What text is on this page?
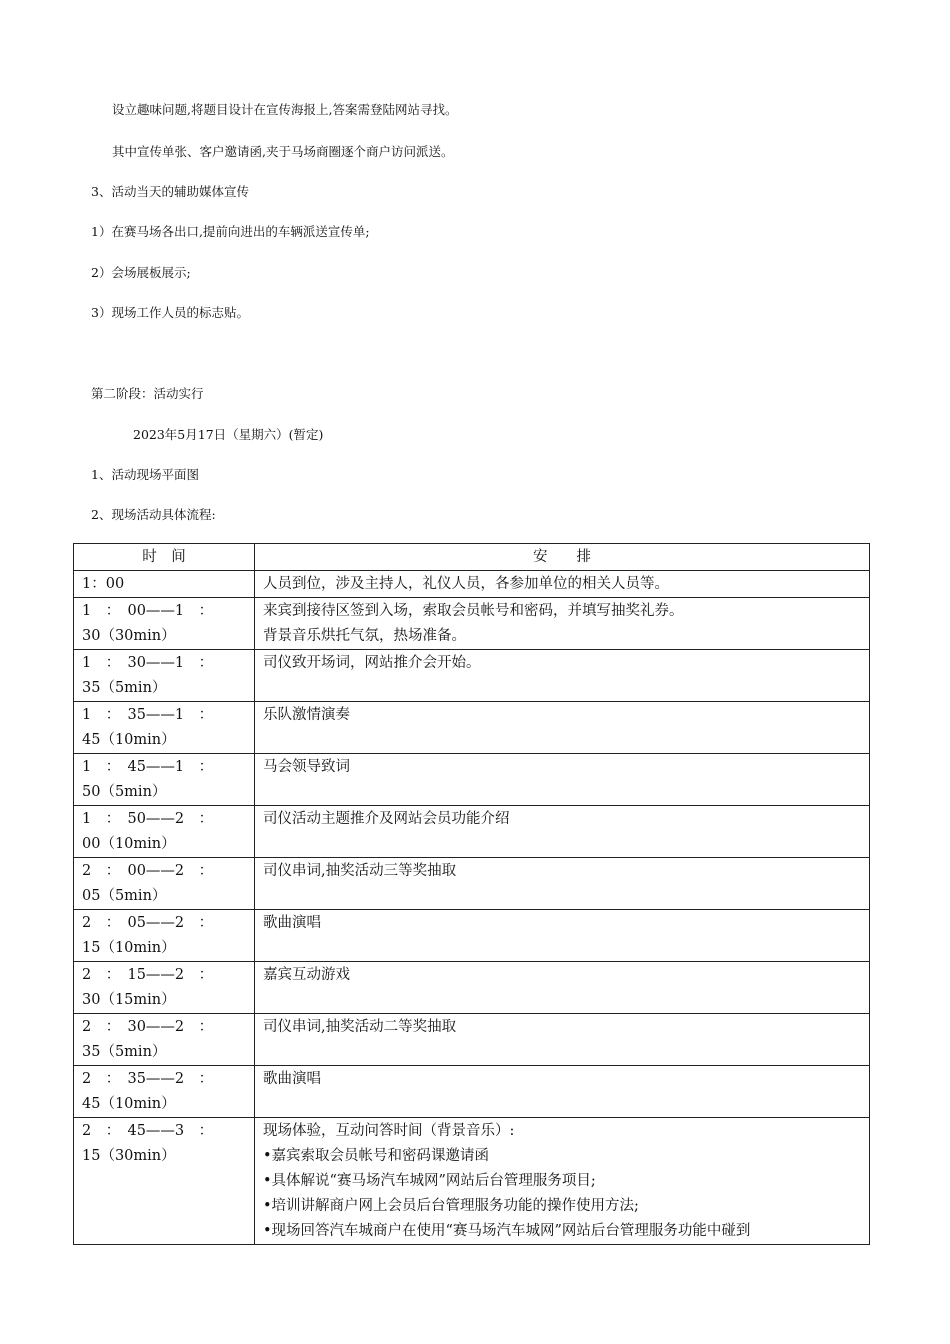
设立趣味问题,将题目设计在宣传海报上,答案需登陆网站寻找。
其中宣传单张、客户邀请函,夹于马场商圈逐个商户访问派送。
3、活动当天的辅助媒体宣传
1）在赛马场各出口,提前向进出的车辆派送宣传单;
2）会场展板展示;
3）现场工作人员的标志贴。
第二阶段：活动实行
2023年5月17日（星期六）(暂定)
1、活动现场平面图
2、现场活动具体流程:
时　间	安　　排

1：00	人员到位，涉及主持人，礼仪人员，各参加单位的相关人员等。

1　：　00——1　：
30（30min）	来宾到接待区签到入场，索取会员帐号和密码，并填写抽奖礼券。
背景音乐烘托气氛，热场准备。

1　：　30——1　：
35（5min）	司仪致开场词，网站推介会开始。

1　：　35——1　：
45（10min）	乐队激情演奏

1　：　45——1　：
50（5min）	马会领导致词

1　：　50——2　：
00（10min）	司仪活动主题推介及网站会员功能介绍

2　：　00——2　：
05（5min）	司仪串词,抽奖活动三等奖抽取

2　：　05——2　：
15（10min）	歌曲演唱

2　：　15——2　：
30（15min）	嘉宾互动游戏

2　：　30——2　：
35（5min）	司仪串词,抽奖活动二等奖抽取

2　：　35——2　：
45（10min）	歌曲演唱

2　：　45——3　：
15（30min）	现场体验，互动问答时间（背景音乐）:
•嘉宾索取会员帐号和密码课邀请函
•具体解说“赛马场汽车城网”网站后台管理服务项目;
•培训讲解商户网上会员后台管理服务功能的操作使用方法;
•现场回答汽车城商户在使用“赛马场汽车城网”网站后台管理服务功能中碰到
